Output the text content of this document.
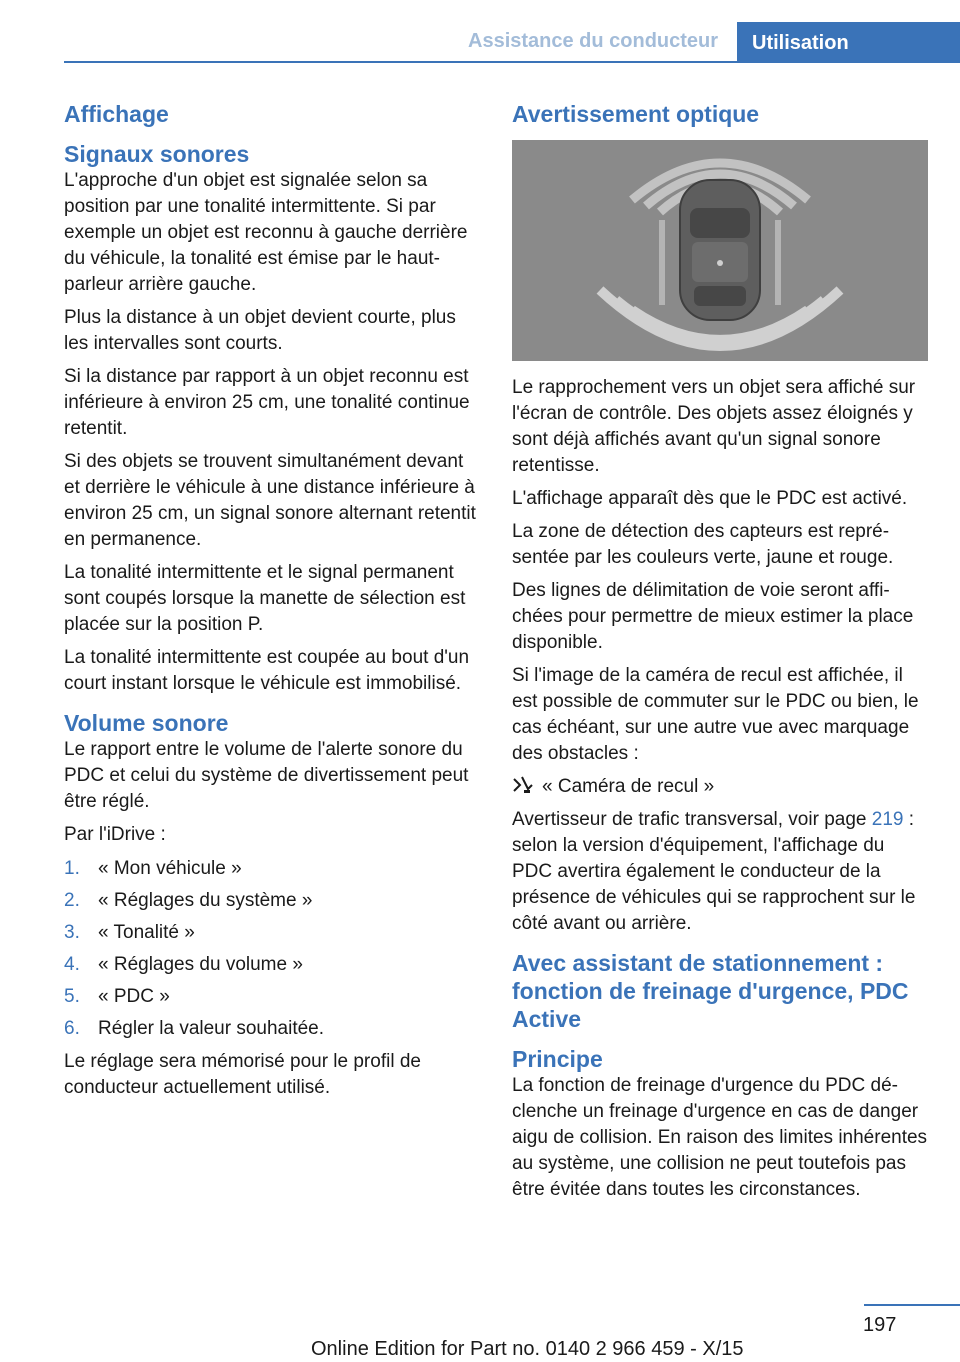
Assistance du conducteur	Utilisation
Affichage
Signaux sonores

L'approche d'un objet est signalée selon sa position par une tonalité intermittente. Si par exemple un objet est reconnu à gauche derrière du véhicule, la tonalité est émise par le haut-parleur arrière gauche.

Plus la distance à un objet devient courte, plus les intervalles sont courts.

Si la distance par rapport à un objet reconnu est inférieure à environ 25 cm, une tonalité continue retentit.

Si des objets se trouvent simultanément devant et derrière le véhicule à une distance inférieure à environ 25 cm, un signal sonore alternant retentit en permanence.

La tonalité intermittente et le signal permanent sont coupés lorsque la manette de sélection est placée sur la position P.

La tonalité intermittente est coupée au bout d'un court instant lorsque le véhicule est immobilisé.

Volume sonore

Le rapport entre le volume de l'alerte sonore du PDC et celui du système de divertissement peut être réglé.

Par l'iDrive :

1. « Mon véhicule »
2. « Réglages du système »
3. « Tonalité »
4. « Réglages du volume »
5. « PDC »
6. Régler la valeur souhaitée.

Le réglage sera mémorisé pour le profil de conducteur actuellement utilisé.

Avertissement optique

Le rapprochement vers un objet sera affiché sur l'écran de contrôle. Des objets assez éloignés y sont déjà affichés avant qu'un signal sonore retentisse.

L'affichage apparaît dès que le PDC est activé.

La zone de détection des capteurs est représentée par les couleurs verte, jaune et rouge.

Des lignes de délimitation de voie seront affichées pour permettre de mieux estimer la place disponible.

Si l'image de la caméra de recul est affichée, il est possible de commuter sur le PDC ou bien, le cas échéant, sur une autre vue avec marquage des obstacles :

« Caméra de recul »

Avertisseur de trafic transversal, voir page 219 : selon la version d'équipement, l'affichage du PDC avertira également le conducteur de la présence de véhicules qui se rapprochent sur le côté avant ou arrière.

Avec assistant de stationnement : fonction de freinage d'urgence, PDC Active
Principe

La fonction de freinage d'urgence du PDC déclenche un freinage d'urgence en cas de danger aigu de collision. En raison des limites inhérentes au système, une collision ne peut toutefois pas être évitée dans toutes les circonstances.

197
Online Edition for Part no. 0140 2 966 459 - X/15
